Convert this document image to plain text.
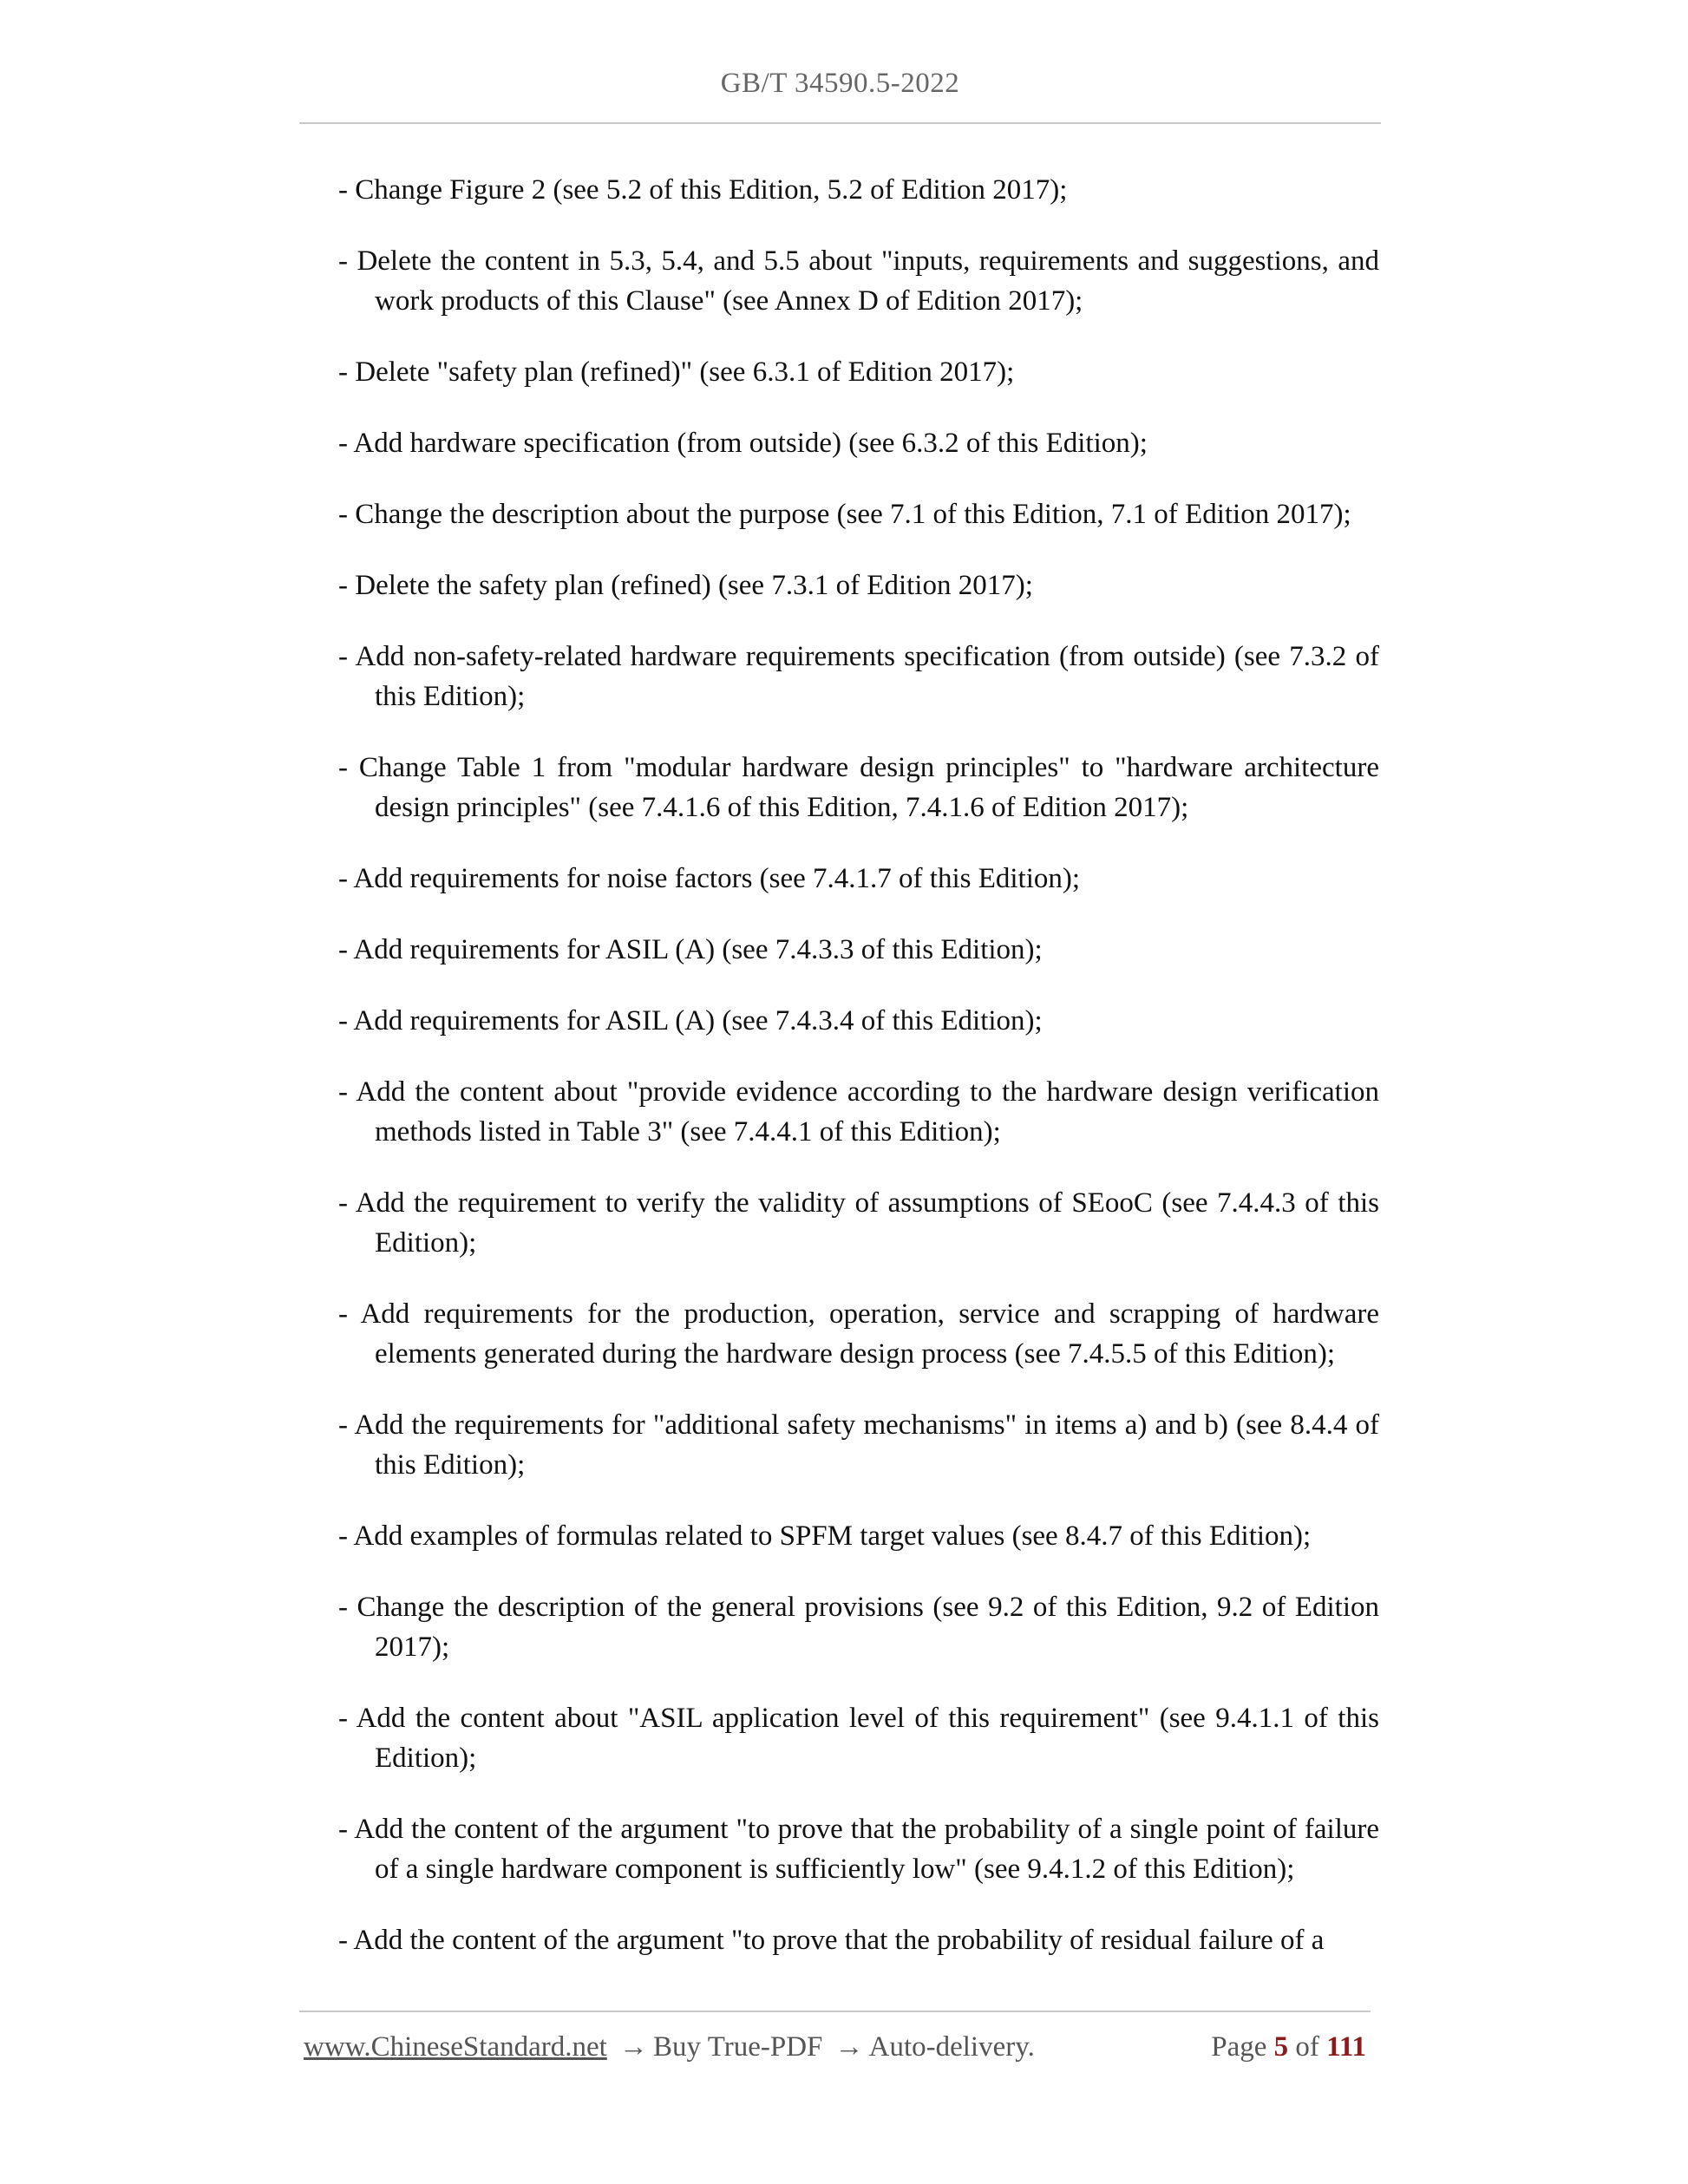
GB/T 34590.5-2022

- Change Figure 2 (see 5.2 of this Edition, 5.2 of Edition 2017);

- Delete the content in 5.3, 5.4, and 5.5 about "inputs, requirements and suggestions, and work products of this Clause" (see Annex D of Edition 2017);

- Delete "safety plan (refined)" (see 6.3.1 of Edition 2017);

- Add hardware specification (from outside) (see 6.3.2 of this Edition);

- Change the description about the purpose (see 7.1 of this Edition, 7.1 of Edition 2017);

- Delete the safety plan (refined) (see 7.3.1 of Edition 2017);

- Add non-safety-related hardware requirements specification (from outside) (see 7.3.2 of this Edition);

- Change Table 1 from "modular hardware design principles" to "hardware architecture design principles" (see 7.4.1.6 of this Edition, 7.4.1.6 of Edition 2017);

- Add requirements for noise factors (see 7.4.1.7 of this Edition);

- Add requirements for ASIL (A) (see 7.4.3.3 of this Edition);

- Add requirements for ASIL (A) (see 7.4.3.4 of this Edition);

- Add the content about "provide evidence according to the hardware design verification methods listed in Table 3" (see 7.4.4.1 of this Edition);

- Add the requirement to verify the validity of assumptions of SEooC (see 7.4.4.3 of this Edition);

- Add requirements for the production, operation, service and scrapping of hardware elements generated during the hardware design process (see 7.4.5.5 of this Edition);

- Add the requirements for "additional safety mechanisms" in items a) and b) (see 8.4.4 of this Edition);

- Add examples of formulas related to SPFM target values (see 8.4.7 of this Edition);

- Change the description of the general provisions (see 9.2 of this Edition, 9.2 of Edition 2017);

- Add the content about "ASIL application level of this requirement" (see 9.4.1.1 of this Edition);

- Add the content of the argument "to prove that the probability of a single point of failure of a single hardware component is sufficiently low" (see 9.4.1.2 of this Edition);

- Add the content of the argument "to prove that the probability of residual failure of a

www.ChineseStandard.net → Buy True-PDF → Auto-delivery.	Page 5 of 111
